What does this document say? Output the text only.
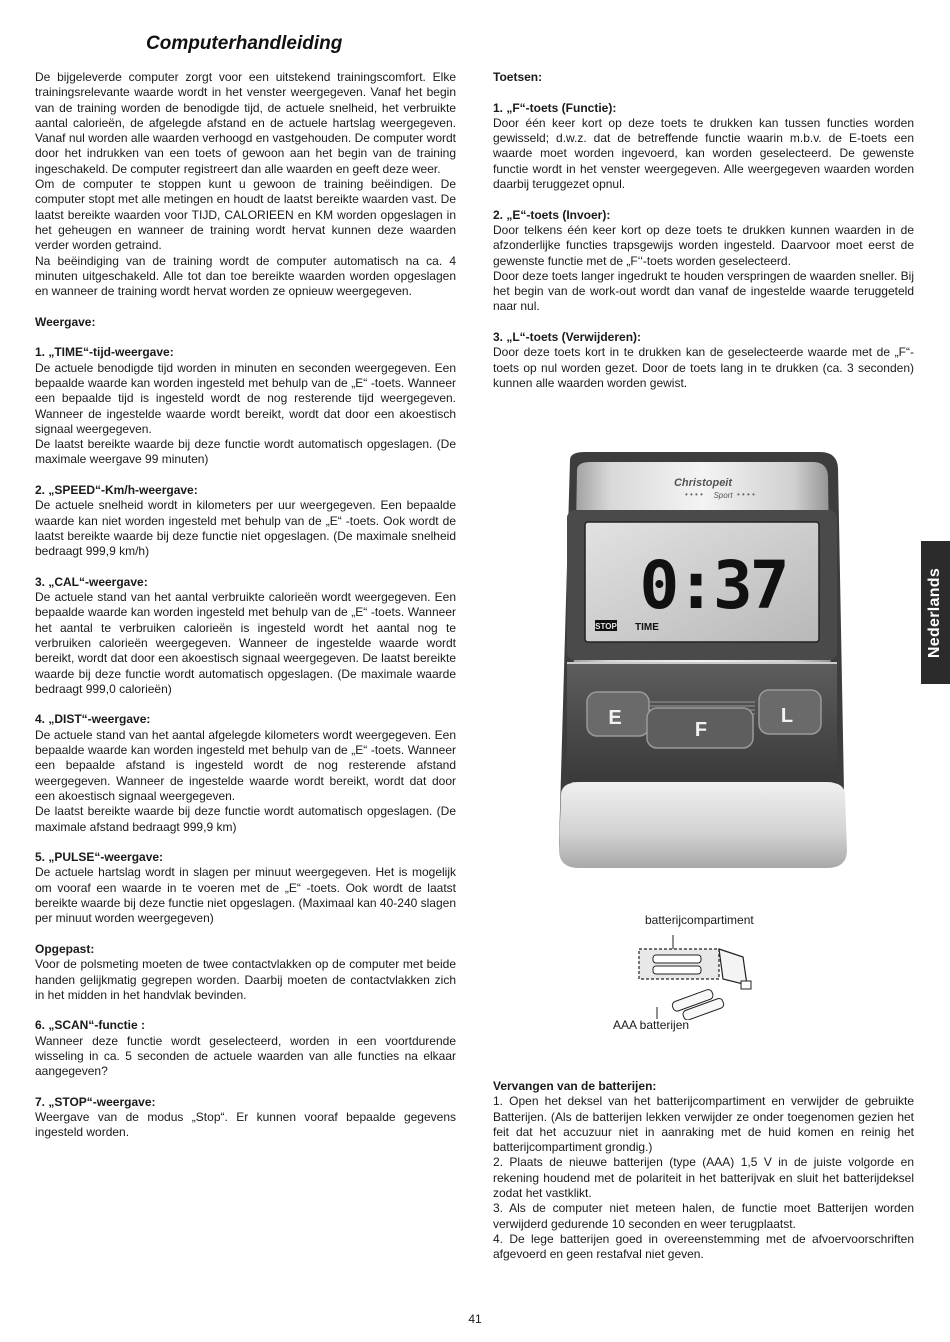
Computerhandleiding

De bijgeleverde computer zorgt voor een uitstekend trainingscomfort. Elke trainingsrelevante waarde wordt in het venster weergegeven. Vanaf het begin van de training worden de benodigde tijd, de actuele snelheid, het verbruikte aantal calorieën, de afgelegde afstand en de actuele hartslag weergegeven. Vanaf nul worden alle waarden verhoogd en vastgehouden. De computer wordt door het indrukken van een toets of gewoon aan het begin van de training ingeschakeld. De computer registreert dan alle waarden en geeft deze weer.

Om de computer te stoppen kunt u gewoon de training beëindigen. De computer stopt met alle metingen en houdt de laatst bereikte waarden vast. De laatst bereikte waarden voor TIJD, CALORIEEN en KM worden opgeslagen in het geheugen en wanneer de training wordt hervat kunnen deze waarden verder worden getraind.

Na beëindiging van de training wordt de computer automatisch na ca. 4 minuten uitgeschakeld. Alle tot dan toe bereikte waarden worden opgeslagen en wanneer de training wordt hervat worden ze opnieuw weergegeven.

Weergave:

1. „TIME“-tijd-weergave:

De actuele benodigde tijd worden in minuten en seconden weergegeven. Een bepaalde waarde kan worden ingesteld met behulp van de „E“ -toets. Wanneer een bepaalde tijd is ingesteld wordt de nog resterende tijd weergegeven. Wanneer de ingestelde waarde wordt bereikt, wordt dat door een akoestisch signaal weergegeven.

De laatst bereikte waarde bij deze functie wordt automatisch opgeslagen. (De maximale weergave 99 minuten)

2. „SPEED“-Km/h-weergave:

De actuele snelheid wordt in kilometers per uur weergegeven. Een bepaalde waarde kan niet worden ingesteld met behulp van de „E“ -toets. Ook wordt de laatst bereikte waarde bij deze functie niet opgeslagen. (De maximale snelheid bedraagt 999,9 km/h)

3. „CAL“-weergave:

De actuele stand van het aantal verbruikte calorieën wordt weergegeven. Een bepaalde waarde kan worden ingesteld met behulp van de „E“ -toets. Wanneer het aantal te verbruiken calorieën is ingesteld wordt het aantal nog te verbruiken calorieën weergegeven. Wanneer de ingestelde waarde wordt bereikt, wordt dat door een akoestisch signaal weergegeven. De laatst bereikte waarde bij deze functie wordt automatisch opgeslagen. (De maximale waarde bedraagt 999,0 calorieën)

4. „DIST“-weergave:

De actuele stand van het aantal afgelegde kilometers wordt weergegeven. Een bepaalde waarde kan worden ingesteld met behulp van de „E“ -toets. Wanneer een bepaalde afstand is ingesteld wordt de nog resterende afstand weergegeven. Wanneer de ingestelde waarde wordt bereikt, wordt dat door een akoestisch signaal weergegeven.

De laatst bereikte waarde bij deze functie wordt automatisch opgeslagen. (De maximale afstand bedraagt 999,9 km)

5. „PULSE“-weergave:

De actuele hartslag wordt in slagen per minuut weergegeven. Het is mogelijk om vooraf een waarde in te voeren met de „E“ -toets. Ook wordt de laatst bereikte waarde bij deze functie niet opgeslagen. (Maximaal kan 40-240 slagen per minuut worden weergegeven)

Opgepast:

Voor de polsmeting moeten de twee contactvlakken op de computer met beide handen gelijkmatig gegrepen worden. Daarbij moeten de contactvlakken zich in het midden in het handvlak bevinden.

6. „SCAN“-functie :

Wanneer deze functie wordt geselecteerd, worden in een voortdurende wisseling in ca. 5 seconden de actuele waarden van alle functies na elkaar aangegeven?

7. „STOP“-weergave:

Weergave van de modus „Stop“. Er kunnen vooraf bepaalde gegevens ingesteld worden.

Toetsen:

1. „F“-toets (Functie):

Door één keer kort op deze toets te drukken kan tussen functies worden gewisseld; d.w.z. dat de betreffende functie waarin m.b.v. de E-toets een waarde moet worden ingevoerd, kan worden geselecteerd. De gewenste functie wordt in het venster weergegeven. Alle weergegeven waarden worden daarbij teruggezet opnul.

2. „E“-toets (Invoer):

Door telkens één keer kort op deze toets te drukken kunnen waarden in de afzonderlijke functies trapsgewijs worden ingesteld. Daarvoor moet eerst de gewenste functie met de „F‘‘-toets worden geselecteerd.

Door deze toets langer ingedrukt te houden verspringen de waarden sneller. Bij het begin van de work-out wordt dan vanaf de ingestelde waarde teruggeteld naar nul.

3. „L“-toets (Verwijderen):

Door deze toets kort in te drukken kan de geselecteerde waarde met de „F“-toets op nul worden gezet. Door de toets lang in te drukken (ca. 3 seconden) kunnen alle waarden worden gewist.

Christopeit
Sport
• • • •	• • • •
0:37
STOP TIME
E
F
L
batterijcompartiment
AAA batterijen

Vervangen van de batterijen:

1. Open het deksel van het batterijcompartiment en verwijder de gebruikte Batterijen. (Als de batterijen lekken verwijder ze onder toegenomen gezien het feit dat het accuzuur niet in aanraking met de huid komen en reinig het batterijcompartiment grondig.)

2. Plaats de nieuwe batterijen (type (AAA) 1,5 V in de juiste volgorde en rekening houdend met de polariteit in het batterijvak en sluit het batterijdeksel zodat het vastklikt.

3. Als de computer niet meteen halen, de functie moet Batterijen worden verwijderd gedurende 10 seconden en weer terugplaatst.

4. De lege batterijen goed in overeenstemming met de afvoervoorschriften afgevoerd en geen restafval niet geven.

Nederlands
41
